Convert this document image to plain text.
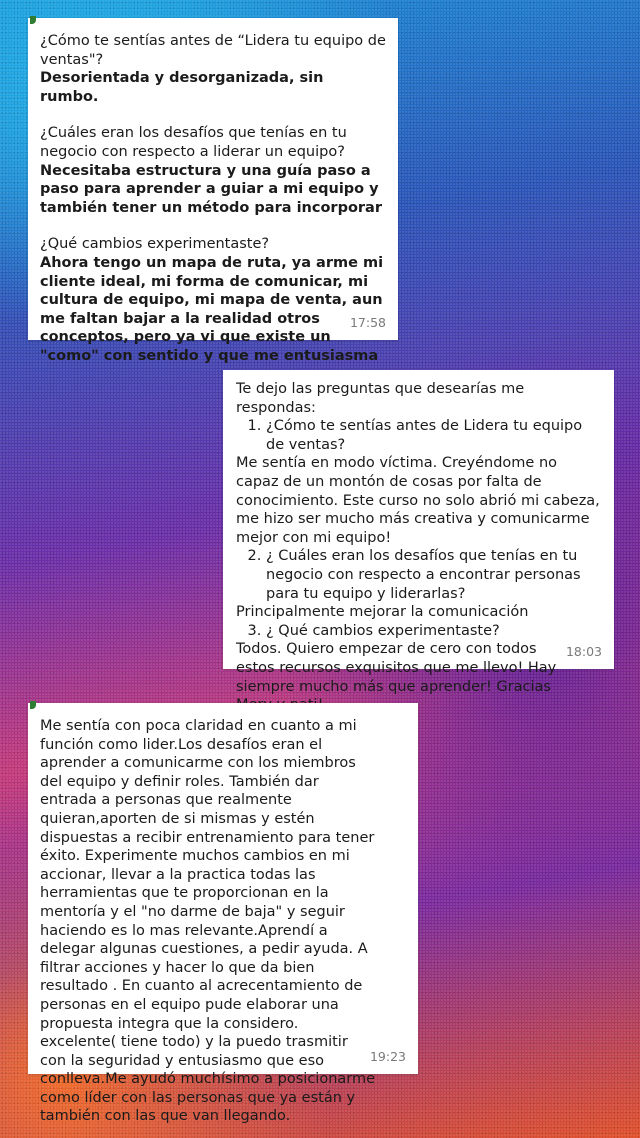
¿Cómo te sentías antes de “Lidera tu equipo de ventas"?

Desorientada y desorganizada, sin rumbo.

¿Cuáles eran los desafíos que tenías en tu negocio con respecto a liderar un equipo?

Necesitaba estructura y una guía paso a paso para aprender a guiar a mi equipo y también tener un método para incorporar

¿Qué cambios experimentaste?

Ahora tengo un mapa de ruta, ya arme mi cliente ideal, mi forma de comunicar, mi cultura de equipo, mi mapa de venta, aun me faltan bajar a la realidad otros conceptos, pero ya vi que existe un "como" con sentido y que me entusiasma

17:58

Te dejo las preguntas que desearías me respondas:

1. ¿Cómo te sentías antes de Lidera tu equipo de ventas?

Me sentía en modo víctima. Creyéndome no capaz de un montón de cosas por falta de conocimiento. Este curso no solo abrió mi cabeza, me hizo ser mucho más creativa y comunicarme mejor con mi equipo!

2. ¿ Cuáles eran los desafíos que tenías en tu negocio con respecto a encontrar personas para tu equipo y liderarlas?

Principalmente mejorar la comunicación

3. ¿ Qué cambios experimentaste?

Todos. Quiero empezar de cero con todos estos recursos exquisitos que me llevo! Hay siempre mucho más que aprender! Gracias

18:03

Me sentía con poca claridad en cuanto a mi función como lider.Los desafíos eran el aprender a comunicarme con los miembros del equipo y definir roles. También dar entrada a personas que realmente quieran,aporten de si mismas y estén dispuestas a recibir entrenamiento para tener éxito. Experimente muchos cambios en mi accionar, llevar a la practica todas las herramientas que te proporcionan en la mentoría y el "no darme de baja" y seguir haciendo es lo mas relevante.Aprendí a delegar algunas cuestiones, a pedir ayuda. A filtrar acciones y hacer lo que da bien resultado . En cuanto al acrecentamiento de personas en el equipo pude elaborar una propuesta integra que la considero. excelente( tiene todo) y la puedo trasmitir con la seguridad y entusiasmo que eso conlleva.Me ayudó muchísimo a posicionarme como líder con las personas que ya están y también con las que van llegando.

19:23
